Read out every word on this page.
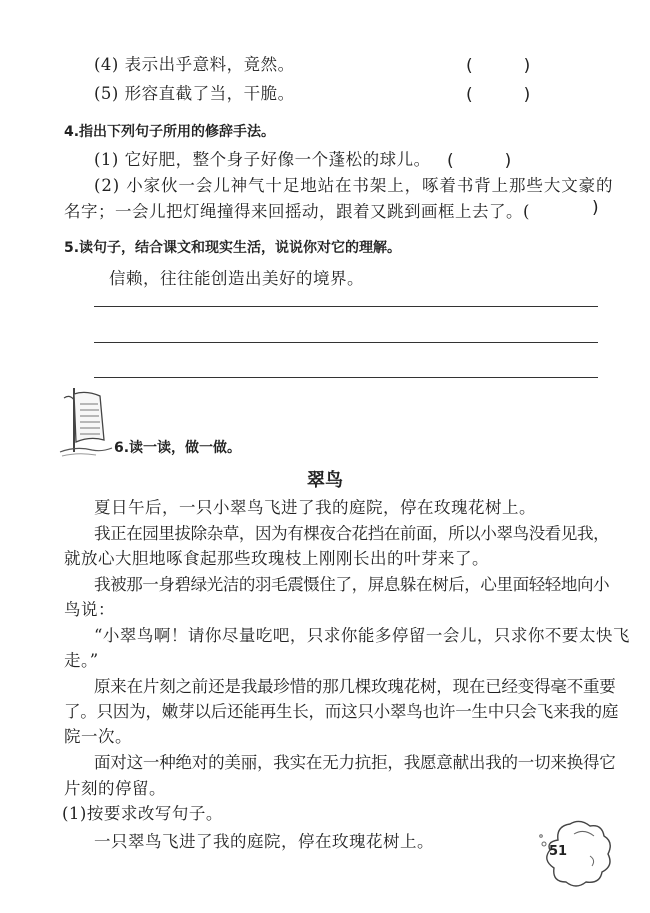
(4) 表示出乎意料，竟然。	(　　　)
(5) 形容直截了当，干脆。	(　　　)
4.指出下列句子所用的修辞手法。
(1) 它好肥，整个身子好像一个蓬松的球儿。 (　　　)
(2) 小家伙一会儿神气十足地站在书架上，啄着书背上那些大文豪的
名字；一会儿把灯绳撞得来回摇动，跟着又跳到画框上去了。(	)
5.读句子，结合课文和现实生活，说说你对它的理解。
信赖，往往能创造出美好的境界。
6.读一读，做一做。
翠鸟
夏日午后，一只小翠鸟飞进了我的庭院，停在玫瑰花树上。
我正在园里拔除杂草，因为有棵夜合花挡在前面，所以小翠鸟没看见我，
就放心大胆地啄食起那些玫瑰枝上刚刚长出的叶芽来了。
我被那一身碧绿光洁的羽毛震慑住了，屏息躲在树后，心里面轻轻地向小
鸟说：
“小翠鸟啊！请你尽量吃吧，只求你能多停留一会儿，只求你不要太快飞
走。”
原来在片刻之前还是我最珍惜的那几棵玫瑰花树，现在已经变得毫不重要
了。只因为，嫩芽以后还能再生长，而这只小翠鸟也许一生中只会飞来我的庭
院一次。
面对这一种绝对的美丽，我实在无力抗拒，我愿意献出我的一切来换得它
片刻的停留。
(1)按要求改写句子。
一只翠鸟飞进了我的庭院，停在玫瑰花树上。
51
